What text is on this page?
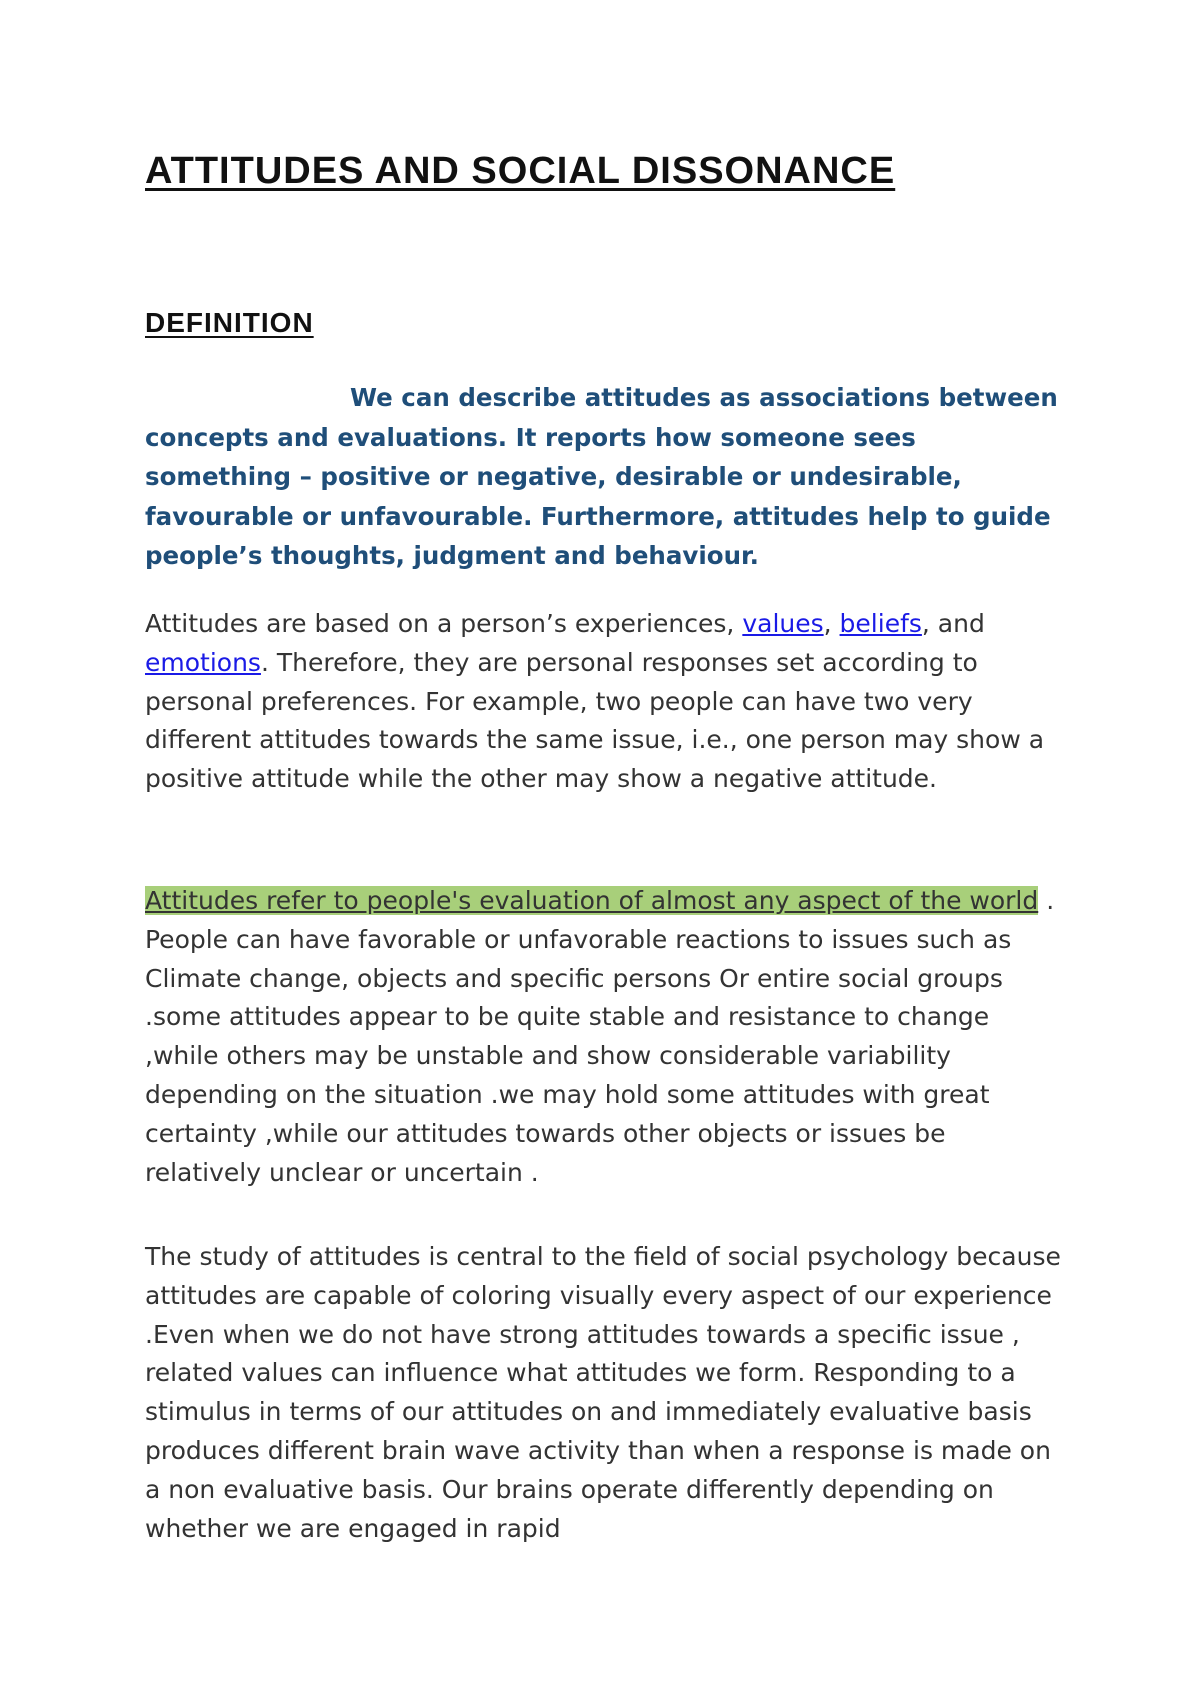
ATTITUDES AND SOCIAL DISSONANCE
DEFINITION

We can describe attitudes as associations between concepts and evaluations. It reports how someone sees something – positive or negative, desirable or undesirable, favourable or unfavourable. Furthermore, attitudes help to guide people’s thoughts, judgment and behaviour.

Attitudes are based on a person’s experiences, values, beliefs, and emotions. Therefore, they are personal responses set according to personal preferences. For example, two people can have two very different attitudes towards the same issue, i.e., one person may show a positive attitude while the other may show a negative attitude.

Attitudes refer to people's evaluation of almost any aspect of the world . People can have favorable or unfavorable reactions to issues such as Climate change, objects and specific persons Or entire social groups .some attitudes appear to be quite stable and resistance to change ,while others may be unstable and show considerable variability depending on the situation .we may hold some attitudes with great certainty ,while our attitudes towards other objects or issues be relatively unclear or uncertain .

The study of attitudes is central to the field of social psychology because attitudes are capable of coloring visually every aspect of our experience .Even when we do not have strong attitudes towards a specific issue , related values can influence what attitudes we form. Responding to a stimulus in terms of our attitudes on and immediately evaluative basis produces different brain wave activity than when a response is made on a non evaluative basis. Our brains operate differently depending on whether we are engaged in rapid
